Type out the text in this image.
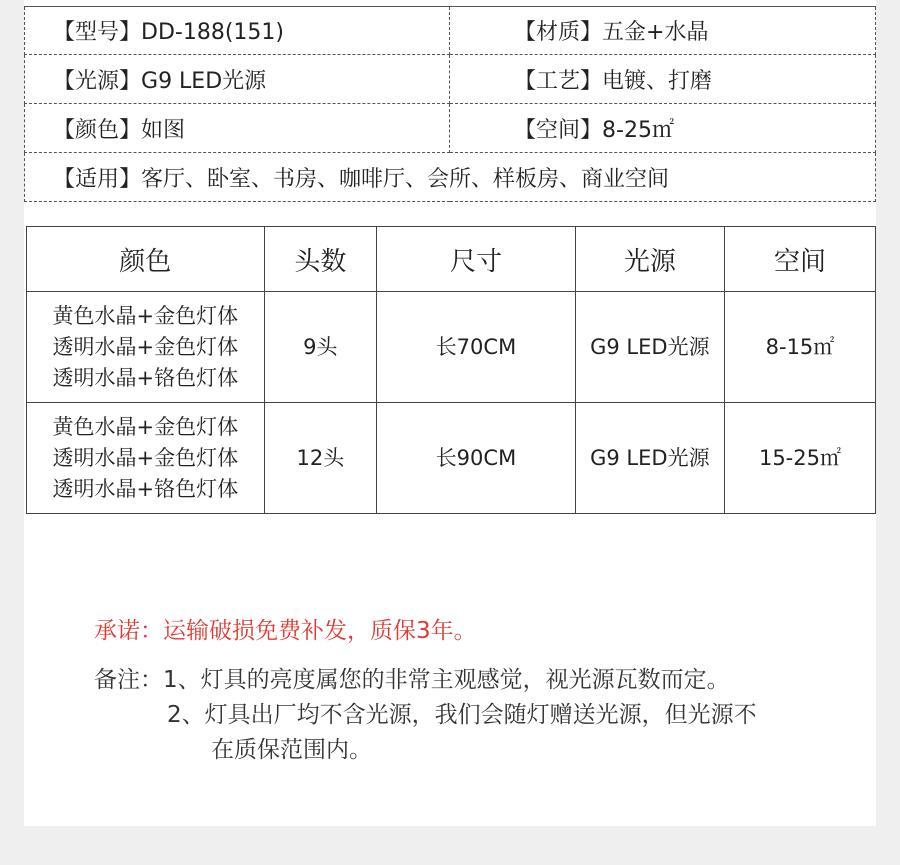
【型号】DD-188(151)	【材质】五金+水晶
【光源】G9 LED光源	【工艺】电镀、打磨
【颜色】如图	【空间】8-25㎡
【适用】客厅、卧室、书房、咖啡厅、会所、样板房、商业空间	
颜色	头数	尺寸	光源	空间

黄色水晶+金色灯体
透明水晶+金色灯体
透明水晶+铬色灯体	9头	长70CM	G9 LED光源	8-15㎡

黄色水晶+金色灯体
透明水晶+金色灯体
透明水晶+铬色灯体	12头	长90CM	G9 LED光源	15-25㎡
承诺：运输破损免费补发，质保3年。
备注：1、灯具的亮度属您的非常主观感觉，视光源瓦数而定。
2、灯具出厂均不含光源，我们会随灯赠送光源，但光源不
在质保范围内。
